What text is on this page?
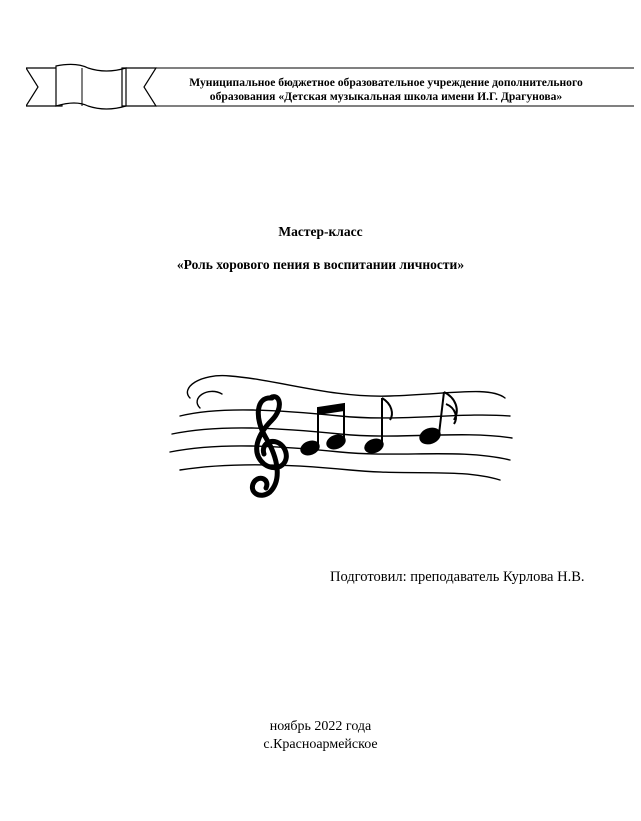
Муниципальное бюджетное образовательное учреждение дополнительного
образования «Детская музыкальная школа имени И.Г. Драгунова»
Мастер-класс
«Роль хорового пения в воспитании личности»
Подготовил: преподаватель Курлова Н.В.
ноябрь 2022 года
с.Красноармейское
